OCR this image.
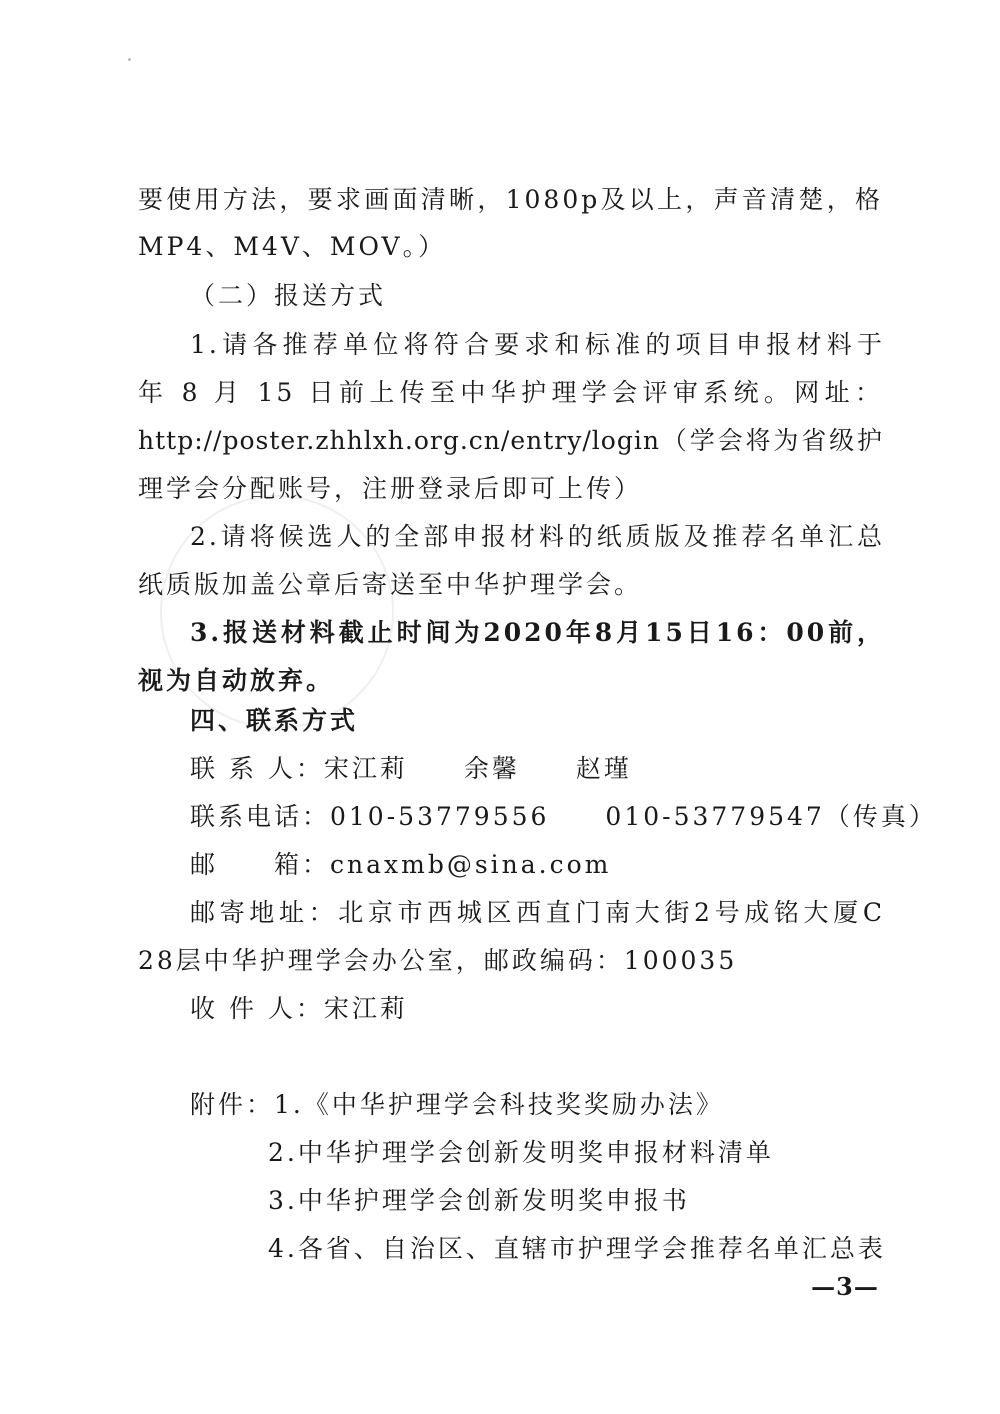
要使用方法，要求画面清晰，1080p及以上，声音清楚，格
MP4、M4V、MOV。）
（二）报送方式
1.请各推荐单位将符合要求和标准的项目申报材料于
年 8 月 15 日前上传至中华护理学会评审系统。网址：
http://poster.zhhlxh.org.cn/entry/login（学会将为省级护
理学会分配账号，注册登录后即可上传）
2.请将候选人的全部申报材料的纸质版及推荐名单汇总
纸质版加盖公章后寄送至中华护理学会。
3.报送材料截止时间为2020年8月15日16：00前，
视为自动放弃。
四、联系方式
联 系 人：宋江莉　　余馨　　赵瑾
联系电话：010-53779556　　010-53779547（传真）
邮　　箱：cnaxmb@sina.com
邮寄地址：北京市西城区西直门南大街2号成铭大厦C
28层中华护理学会办公室，邮政编码：100035
收 件 人：宋江莉
附件：1.《中华护理学会科技奖奖励办法》
2.中华护理学会创新发明奖申报材料清单
3.中华护理学会创新发明奖申报书
4.各省、自治区、直辖市护理学会推荐名单汇总表
—3—
